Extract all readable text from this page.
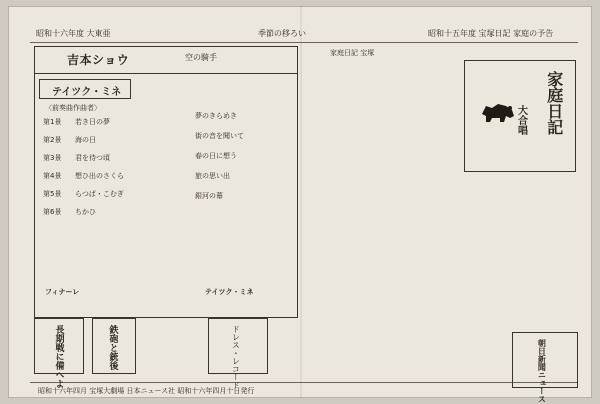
昭和十五年度 宝塚日記 家庭の予告
季節の移ろい
昭和十六年度 大東亜
吉本ショウ	空の騎手
テイツク・ミネ
〈前奏曲作曲者〉
第1景 若き日の夢
第2景 海の日
第3景 君を待つ頃
第4景 想ひ出のさくら
第5景 らつぱ・こむぎ
第6景 ちかひ
夢のきらめき
街の音を聞いて
春の日に想う
旅の思い出
銀河の幕
フィナーレ	テイツク・ミネ
長期戦に備へよ	鉄砲と銃後	ドレス・レコード
家庭日記 宝塚
家庭日記
大合唱
朝日新聞ニュース
昭和十六年四月 宝塚大劇場 日本ニュース社 昭和十六年四月十日発行
